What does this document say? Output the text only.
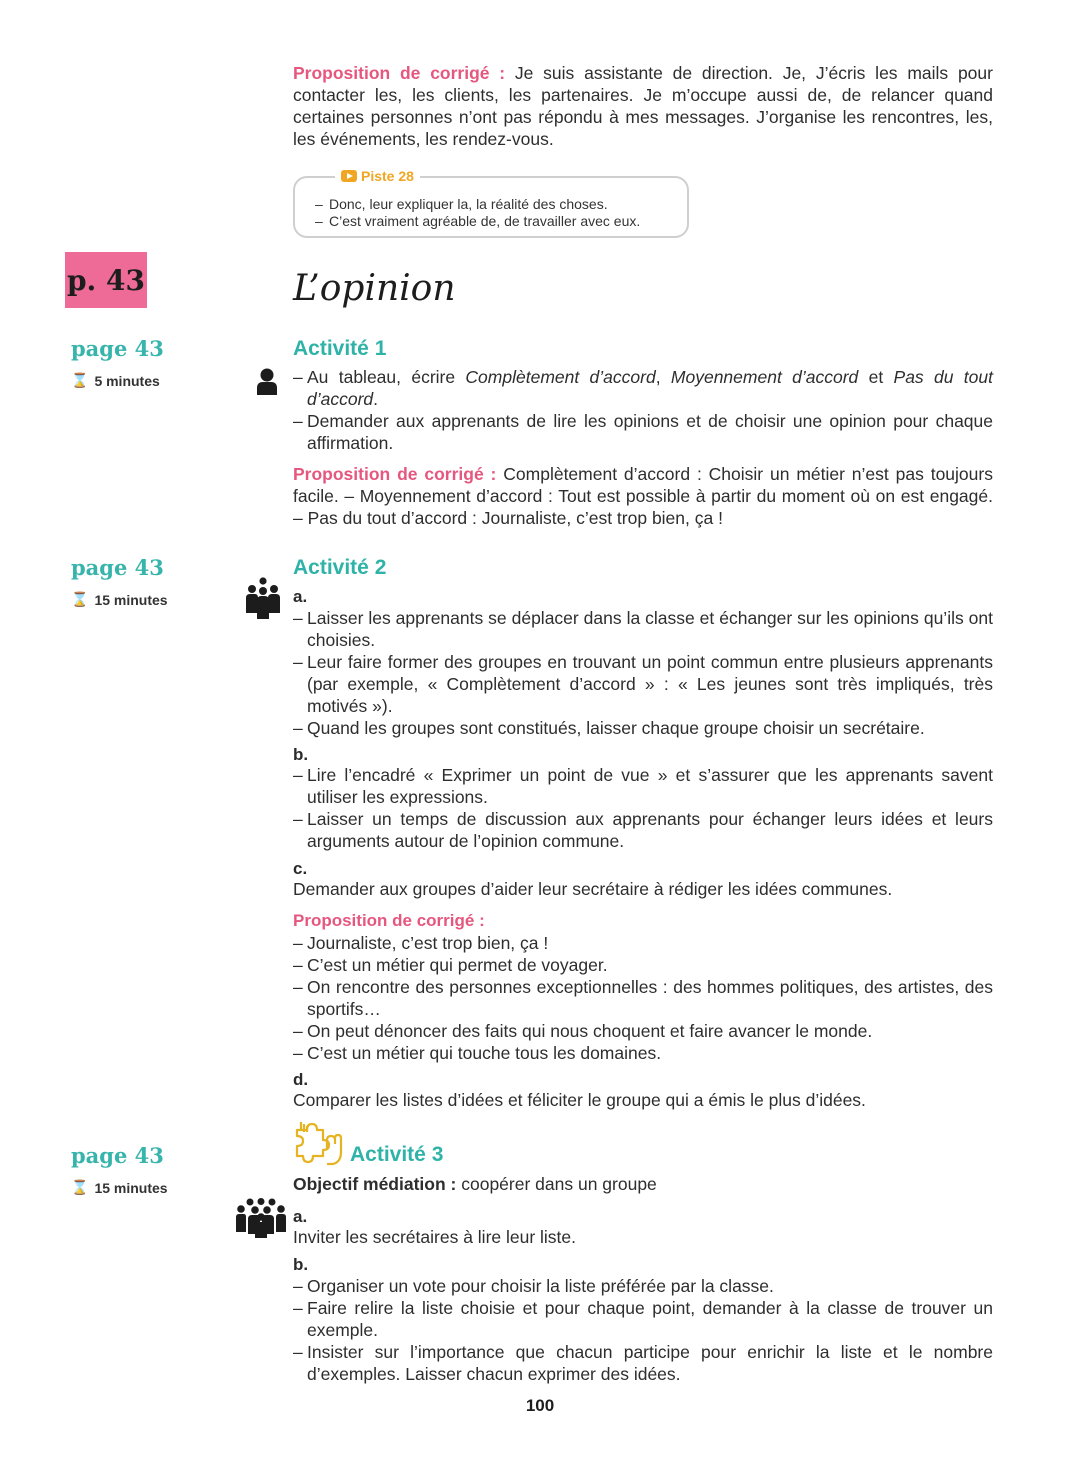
Proposition de corrigé : Je suis assistante de direction. Je, J’écris les mails pour contacter les, les clients, les partenaires. Je m’occupe aussi de, de relancer quand certaines personnes n’ont pas répondu à mes messages. J’organise les rencontres, les, les événements, les rendez-vous.
Piste 28
– Donc, leur expliquer la, la réalité des choses.
– C’est vraiment agréable de, de travailler avec eux.
p. 43	L’opinion
page 43
⌛ 5 minutes
Activité 1
– Au tableau, écrire Complètement d’accord, Moyennement d’accord et Pas du tout d’accord.
– Demander aux apprenants de lire les opinions et de choisir une opinion pour chaque affirmation.
Proposition de corrigé : Complètement d’accord : Choisir un métier n’est pas toujours facile. – Moyennement d’accord : Tout est possible à partir du moment où on est engagé. – Pas du tout d’accord : Journaliste, c’est trop bien, ça !
page 43
⌛ 15 minutes
Activité 2
a.
– Laisser les apprenants se déplacer dans la classe et échanger sur les opinions qu’ils ont choisies.
– Leur faire former des groupes en trouvant un point commun entre plusieurs apprenants (par exemple, « Complètement d’accord » : « Les jeunes sont très impliqués, très motivés »).
– Quand les groupes sont constitués, laisser chaque groupe choisir un secrétaire.
b.
– Lire l’encadré « Exprimer un point de vue » et s’assurer que les apprenants savent utiliser les expressions.
– Laisser un temps de discussion aux apprenants pour échanger leurs idées et leurs arguments autour de l’opinion commune.
c.
Demander aux groupes d’aider leur secrétaire à rédiger les idées communes.
Proposition de corrigé :
– Journaliste, c’est trop bien, ça !
– C’est un métier qui permet de voyager.
– On rencontre des personnes exceptionnelles : des hommes politiques, des artistes, des sportifs…
– On peut dénoncer des faits qui nous choquent et faire avancer le monde.
– C’est un métier qui touche tous les domaines.
d.
Comparer les listes d’idées et féliciter le groupe qui a émis le plus d’idées.
page 43
⌛ 15 minutes
Activité 3
Objectif médiation : coopérer dans un groupe
a.
Inviter les secrétaires à lire leur liste.
b.
– Organiser un vote pour choisir la liste préférée par la classe.
– Faire relire la liste choisie et pour chaque point, demander à la classe de trouver un exemple.
– Insister sur l’importance que chacun participe pour enrichir la liste et le nombre d’exemples. Laisser chacun exprimer des idées.
100
